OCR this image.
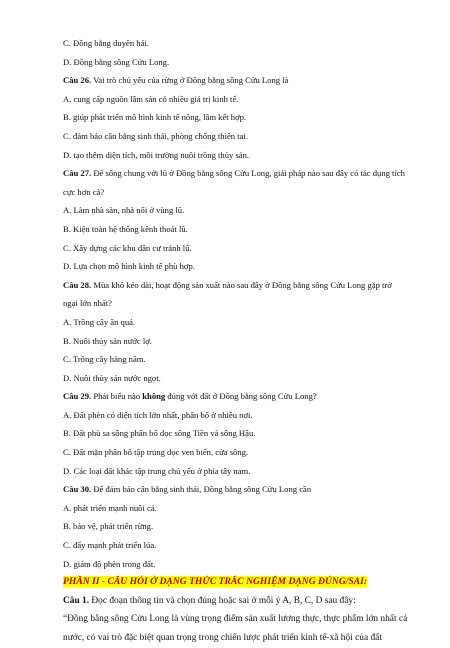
C. Đồng bằng duyên hải.
D. Đồng bằng sông Cửu Long.
Câu 26. Vai trò chủ yếu của rừng ở Đồng bằng sông Cửu Long là
A. cung cấp nguồn lâm sản có nhiều giá trị kinh tế.
B. giúp phát triển mô hình kinh tế nông, lâm kết hợp.
C. đảm bảo cân bằng sinh thái, phòng chống thiên tai.
D. tạo thêm diện tích, môi trường nuôi trồng thủy sản.
Câu 27. Để sống chung với lũ ở Đồng bằng sông Cửu Long, giải pháp nào sau đây có tác dụng tích cực hơn cả?
A. Làm nhà sàn, nhà nổi ở vùng lũ.
B. Kiện toàn hệ thống kênh thoát lũ.
C. Xây dựng các khu dân cư tránh lũ.
D. Lựa chọn mô hình kinh tế phù hợp.
Câu 28. Mùa khô kéo dài, hoạt động sản xuất nào sau đây ở Đồng bằng sông Cửu Long gặp trở ngại lớn nhất?
A. Trồng cây ăn quả.
B. Nuôi thủy sản nước lợ.
C. Trồng cây hàng năm.
D. Nuôi thủy sản nước ngọt.
Câu 29. Phát biểu nào không đúng với đất ở Đồng bằng sông Cửu Long?
A. Đất phèn có diện tích lớn nhất, phân bố ở nhiều nơi.
B. Đất phù sa sông phân bố dọc sông Tiền và sông Hậu.
C. Đất mặn phân bố tập trung dọc ven biển, cửa sông.
D. Các loại đất khác tập trung chủ yếu ở phía tây nam.
Câu 30. Để đảm bảo cân bằng sinh thái, Đồng bằng sông Cửu Long cần
A. phát triển mạnh nuôi cá.
B. bảo vệ, phát triển rừng.
C. đẩy mạnh phát triển lúa.
D. giảm độ phèn trong đất.
PHẦN II - CÂU HỎI Ở DẠNG THỨC TRẮC NGHIỆM DẠNG ĐÚNG/SAI:
Câu 1. Đọc đoạn thông tin và chọn đúng hoặc sai ở mỗi ý A, B, C, D sau đây:
“Đồng bằng sông Cửu Long là vùng trọng điểm sản xuất lương thực, thực phẩm lớn nhất cả nước, có vai trò đặc biệt quan trọng trong chiến lược phát triển kinh tế-xã hội của đất
